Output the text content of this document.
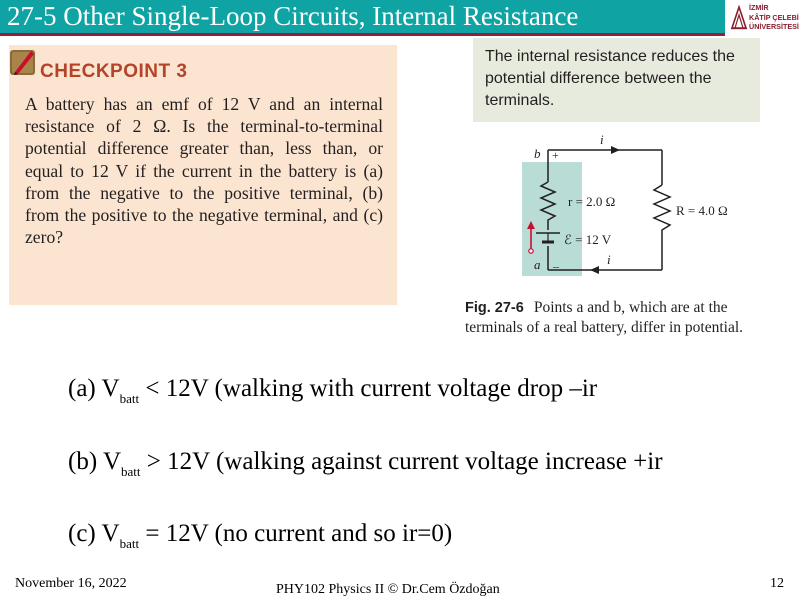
27-5 Other Single-Loop Circuits, Internal Resistance	İZMİR
KÂTİP ÇELEBİ
ÜNİVERSİTESİ
CHECKPOINT 3

A battery has an emf of 12 V and an internal resistance of 2 Ω. Is the terminal-to-terminal potential difference greater than, less than, or equal to 12 V if the current in the battery is (a) from the negative to the positive terminal, (b) from the positive to the negative terminal, and (c) zero?

The internal resistance reduces the potential difference between the terminals.

b +
a –
i
i
r = 2.0 Ω
ℰ = 12 V
R = 4.0 Ω

Fig. 27-6 Points a and b, which are at the terminals of a real battery, differ in potential.

(a) $V_{batt} < 12V$ (walking with current voltage drop –ir
(b) $V_{batt} > 12V$ (walking against current voltage increase +ir
(c) $V_{batt} = 12V$ (no current and so ir=0)
November 16, 2022	PHY102 Physics II © Dr.Cem Özdoğan	12
